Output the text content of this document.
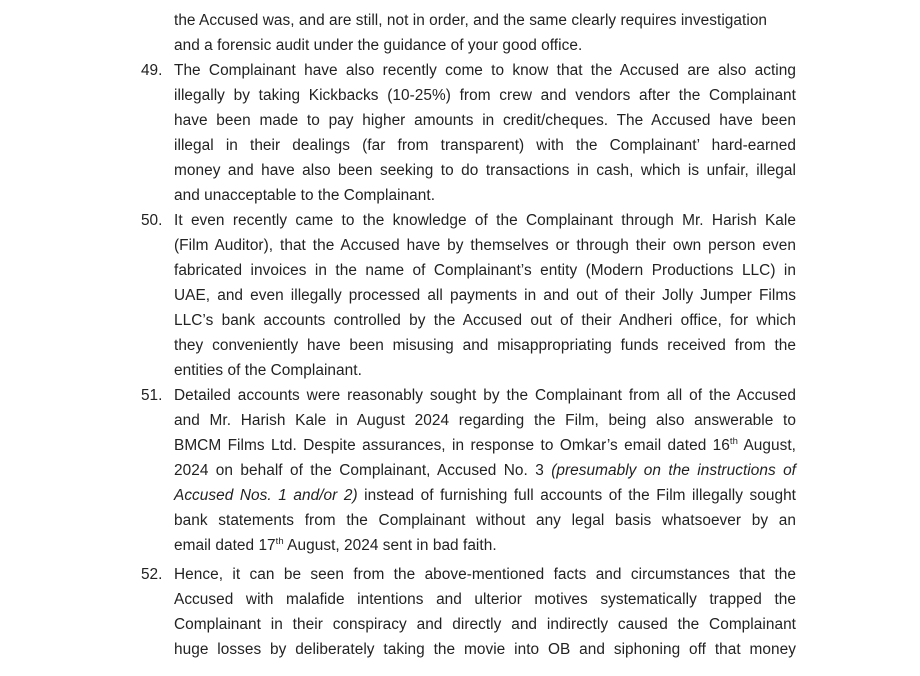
the Accused was, and are still, not in order, and the same clearly requires investigation
and a forensic audit under the guidance of your good office.
49. The Complainant have also recently come to know that the Accused are also acting
illegally by taking Kickbacks (10-25%) from crew and vendors after the Complainant
have been made to pay higher amounts in credit/cheques. The Accused have been
illegal in their dealings (far from transparent) with the Complainant’ hard-earned
money and have also been seeking to do transactions in cash, which is unfair, illegal
and unacceptable to the Complainant.
50. It even recently came to the knowledge of the Complainant through Mr. Harish Kale
(Film Auditor), that the Accused have by themselves or through their own person even
fabricated invoices in the name of Complainant’s entity (Modern Productions LLC) in
UAE, and even illegally processed all payments in and out of their Jolly Jumper Films
LLC’s bank accounts controlled by the Accused out of their Andheri office, for which
they conveniently have been misusing and misappropriating funds received from the
entities of the Complainant.
51. Detailed accounts were reasonably sought by the Complainant from all of the Accused
and Mr. Harish Kale in August 2024 regarding the Film, being also answerable to
BMCM Films Ltd. Despite assurances, in response to Omkar’s email dated 16th August,
2024 on behalf of the Complainant, Accused No. 3 (presumably on the instructions of
Accused Nos. 1 and/or 2) instead of furnishing full accounts of the Film illegally sought
bank statements from the Complainant without any legal basis whatsoever by an
email dated 17th August, 2024 sent in bad faith.
52. Hence, it can be seen from the above-mentioned facts and circumstances that the
Accused with malafide intentions and ulterior motives systematically trapped the
Complainant in their conspiracy and directly and indirectly caused the Complainant
huge losses by deliberately taking the movie into OB and siphoning off that money
